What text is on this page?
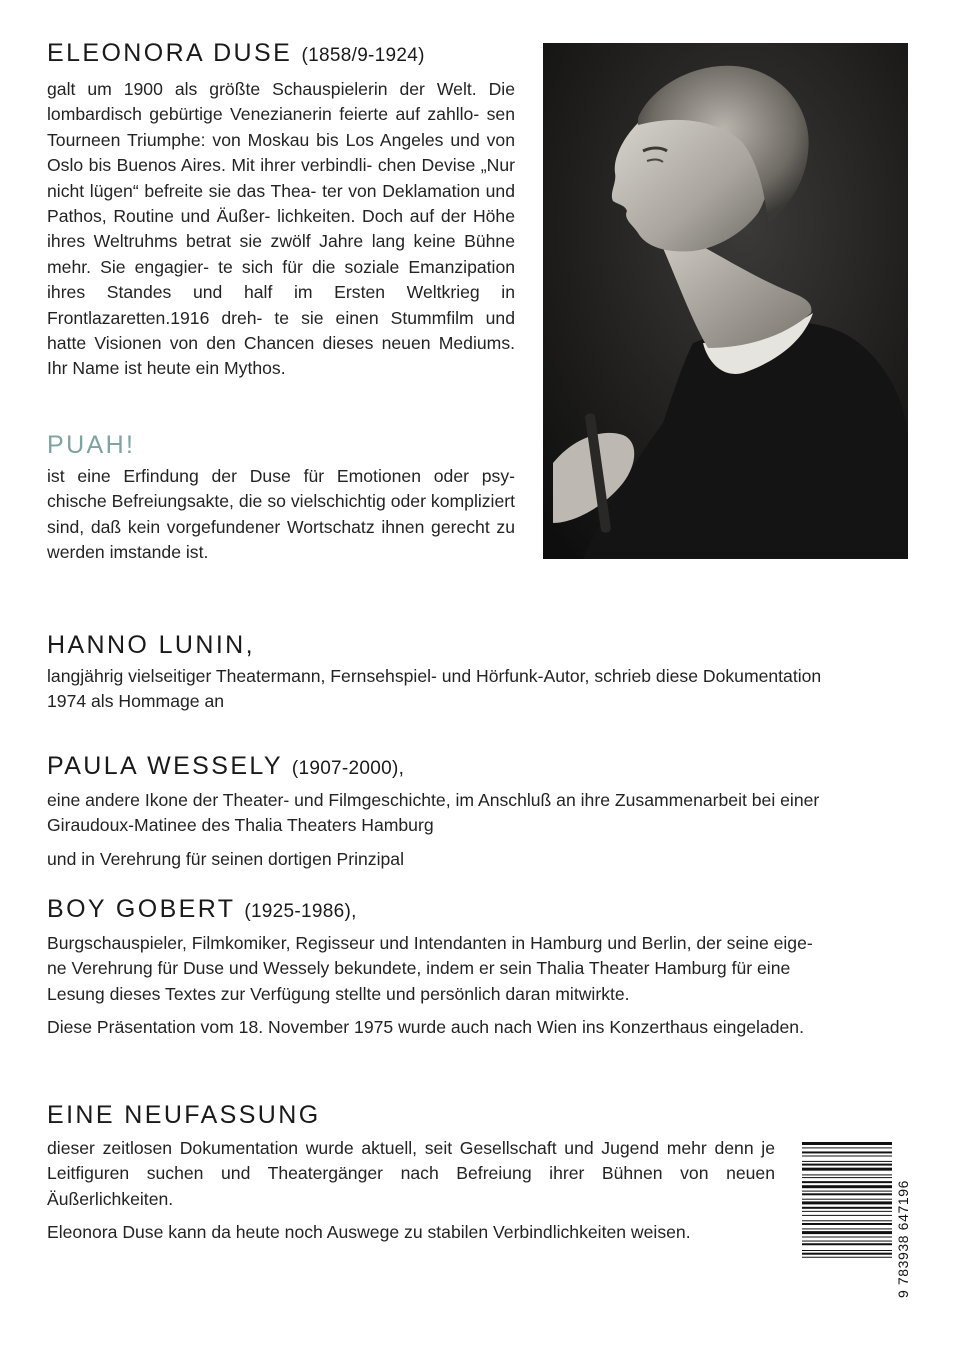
ELEONORA DUSE (1858/9-1924)
galt um 1900 als größte Schauspielerin der Welt. Die lombardisch gebürtige Venezianerin feierte auf zahllo- sen Tourneen Triumphe: von Moskau bis Los Angeles und von Oslo bis Buenos Aires. Mit ihrer verbindli- chen Devise „Nur nicht lügen“ befreite sie das Thea- ter von Deklamation und Pathos, Routine und Äußer- lichkeiten. Doch auf der Höhe ihres Weltruhms betrat sie zwölf Jahre lang keine Bühne mehr. Sie engagier- te sich für die soziale Emanzipation ihres Standes und half im Ersten Weltkrieg in Frontlazaretten.1916 dreh- te sie einen Stummfilm und hatte Visionen von den Chancen dieses neuen Mediums. Ihr Name ist heute ein Mythos.
PUAH!
ist eine Erfindung der Duse für Emotionen oder psy- chische Befreiungsakte, die so vielschichtig oder kompliziert sind, daß kein vorgefundener Wortschatz ihnen gerecht zu werden imstande ist.
HANNO LUNIN,
langjährig vielseitiger Theatermann, Fernsehspiel- und Hörfunk-Autor, schrieb diese Dokumentation
1974 als Hommage an
PAULA WESSELY (1907-2000),
eine andere Ikone der Theater- und Filmgeschichte, im Anschluß an ihre Zusammenarbeit bei einer
Giraudoux-Matinee des Thalia Theaters Hamburg
und in Verehrung für seinen dortigen Prinzipal
BOY GOBERT (1925-1986),
Burgschauspieler, Filmkomiker, Regisseur und Intendanten in Hamburg und Berlin, der seine eige-
ne Verehrung für Duse und Wessely bekundete, indem er sein Thalia Theater Hamburg für eine
Lesung dieses Textes zur Verfügung stellte und persönlich daran mitwirkte.
Diese Präsentation vom 18. November 1975 wurde auch nach Wien ins Konzerthaus eingeladen.
EINE NEUFASSUNG
dieser zeitlosen Dokumentation wurde aktuell, seit Gesellschaft und Jugend mehr denn je Leitfiguren suchen und Theatergänger nach Befreiung ihrer Bühnen von neuen Äußerlichkeiten.
Eleonora Duse kann da heute noch Auswege zu stabilen Verbindlichkeiten weisen.	9 783938 647196
